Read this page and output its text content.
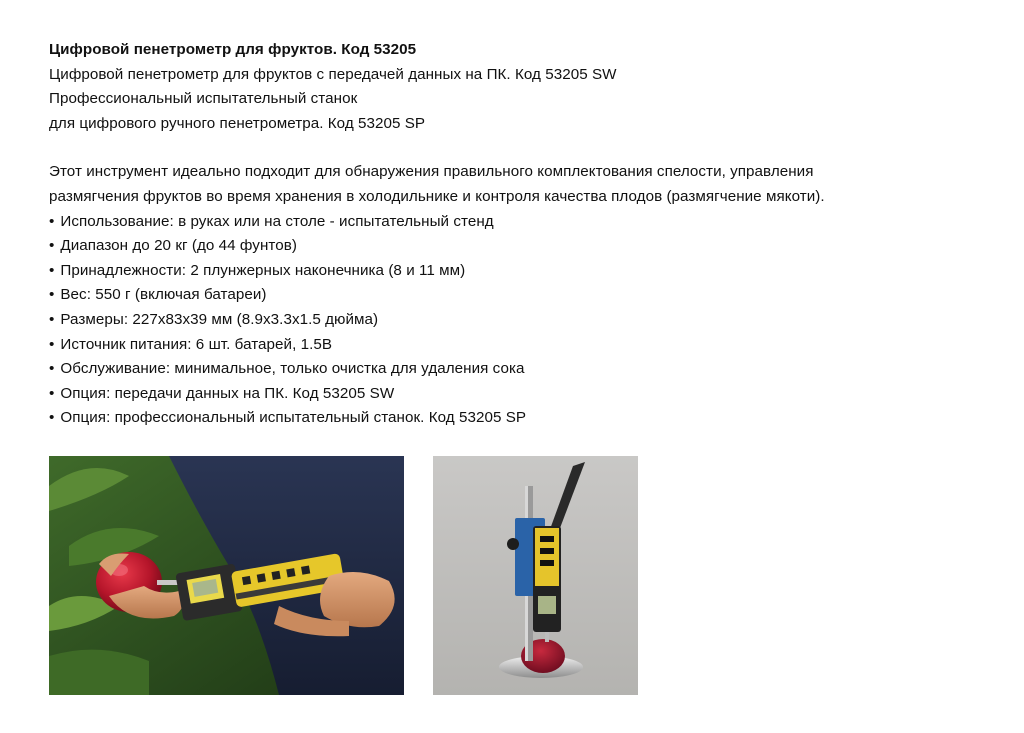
Цифровой пенетрометр для фруктов. Код 53205
Цифровой пенетрометр для фруктов с передачей данных на ПК. Код 53205 SW
Профессиональный испытательный станок
для цифрового ручного пенетрометра. Код 53205 SP
Этот инструмент идеально подходит для обнаружения правильного комплектования спелости, управления
размягчения фруктов во время хранения в холодильнике и контроля качества плодов (размягчение мякоти).
• Использование: в руках или на столе - испытательный стенд
• Диапазон до 20 кг (до 44 фунтов)
• Принадлежности: 2 плунжерных наконечника (8 и 11 мм)
• Вес: 550 г (включая батареи)
• Размеры: 227x83x39 мм (8.9x3.3x1.5 дюйма)
• Источник питания: 6 шт. батарей, 1.5В
• Обслуживание: минимальное, только очистка для удаления сока
• Опция: передачи данных на ПК. Код 53205 SW
• Опция: профессиональный испытательный станок. Код 53205 SP
